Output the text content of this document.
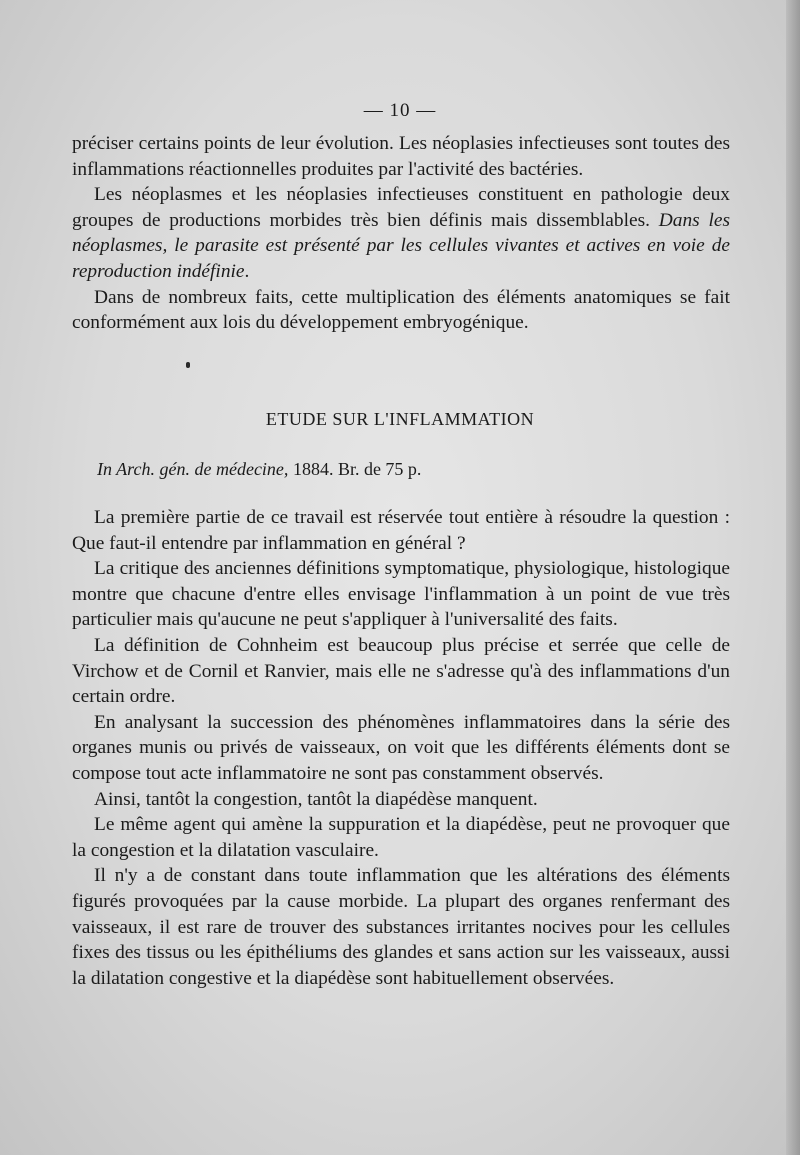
— 10 —

préciser certains points de leur évolution. Les néoplasies infectieuses sont toutes des inflammations réactionnelles produites par l'activité des bactéries.

Les néoplasmes et les néoplasies infectieuses constituent en pathologie deux groupes de productions morbides très bien définis mais dissemblables. Dans les néoplasmes, le parasite est présenté par les cellules vivantes et actives en voie de reproduction indéfinie.

Dans de nombreux faits, cette multiplication des éléments anatomiques se fait conformément aux lois du développement embryogénique.

ETUDE SUR L'INFLAMMATION
In Arch. gén. de médecine, 1884. Br. de 75 p.

La première partie de ce travail est réservée tout entière à résoudre la question : Que faut-il entendre par inflammation en général ?

La critique des anciennes définitions symptomatique, physiologique, histologique montre que chacune d'entre elles envisage l'inflammation à un point de vue très particulier mais qu'aucune ne peut s'appliquer à l'universalité des faits.

La définition de Cohnheim est beaucoup plus précise et serrée que celle de Virchow et de Cornil et Ranvier, mais elle ne s'adresse qu'à des inflammations d'un certain ordre.

En analysant la succession des phénomènes inflammatoires dans la série des organes munis ou privés de vaisseaux, on voit que les différents éléments dont se compose tout acte inflammatoire ne sont pas constamment observés.

Ainsi, tantôt la congestion, tantôt la diapédèse manquent.

Le même agent qui amène la suppuration et la diapédèse, peut ne provoquer que la congestion et la dilatation vasculaire.

Il n'y a de constant dans toute inflammation que les altérations des éléments figurés provoquées par la cause morbide. La plupart des organes renfermant des vaisseaux, il est rare de trouver des substances irritantes nocives pour les cellules fixes des tissus ou les épithéliums des glandes et sans action sur les vaisseaux, aussi la dilatation congestive et la diapédèse sont habituellement observées.
